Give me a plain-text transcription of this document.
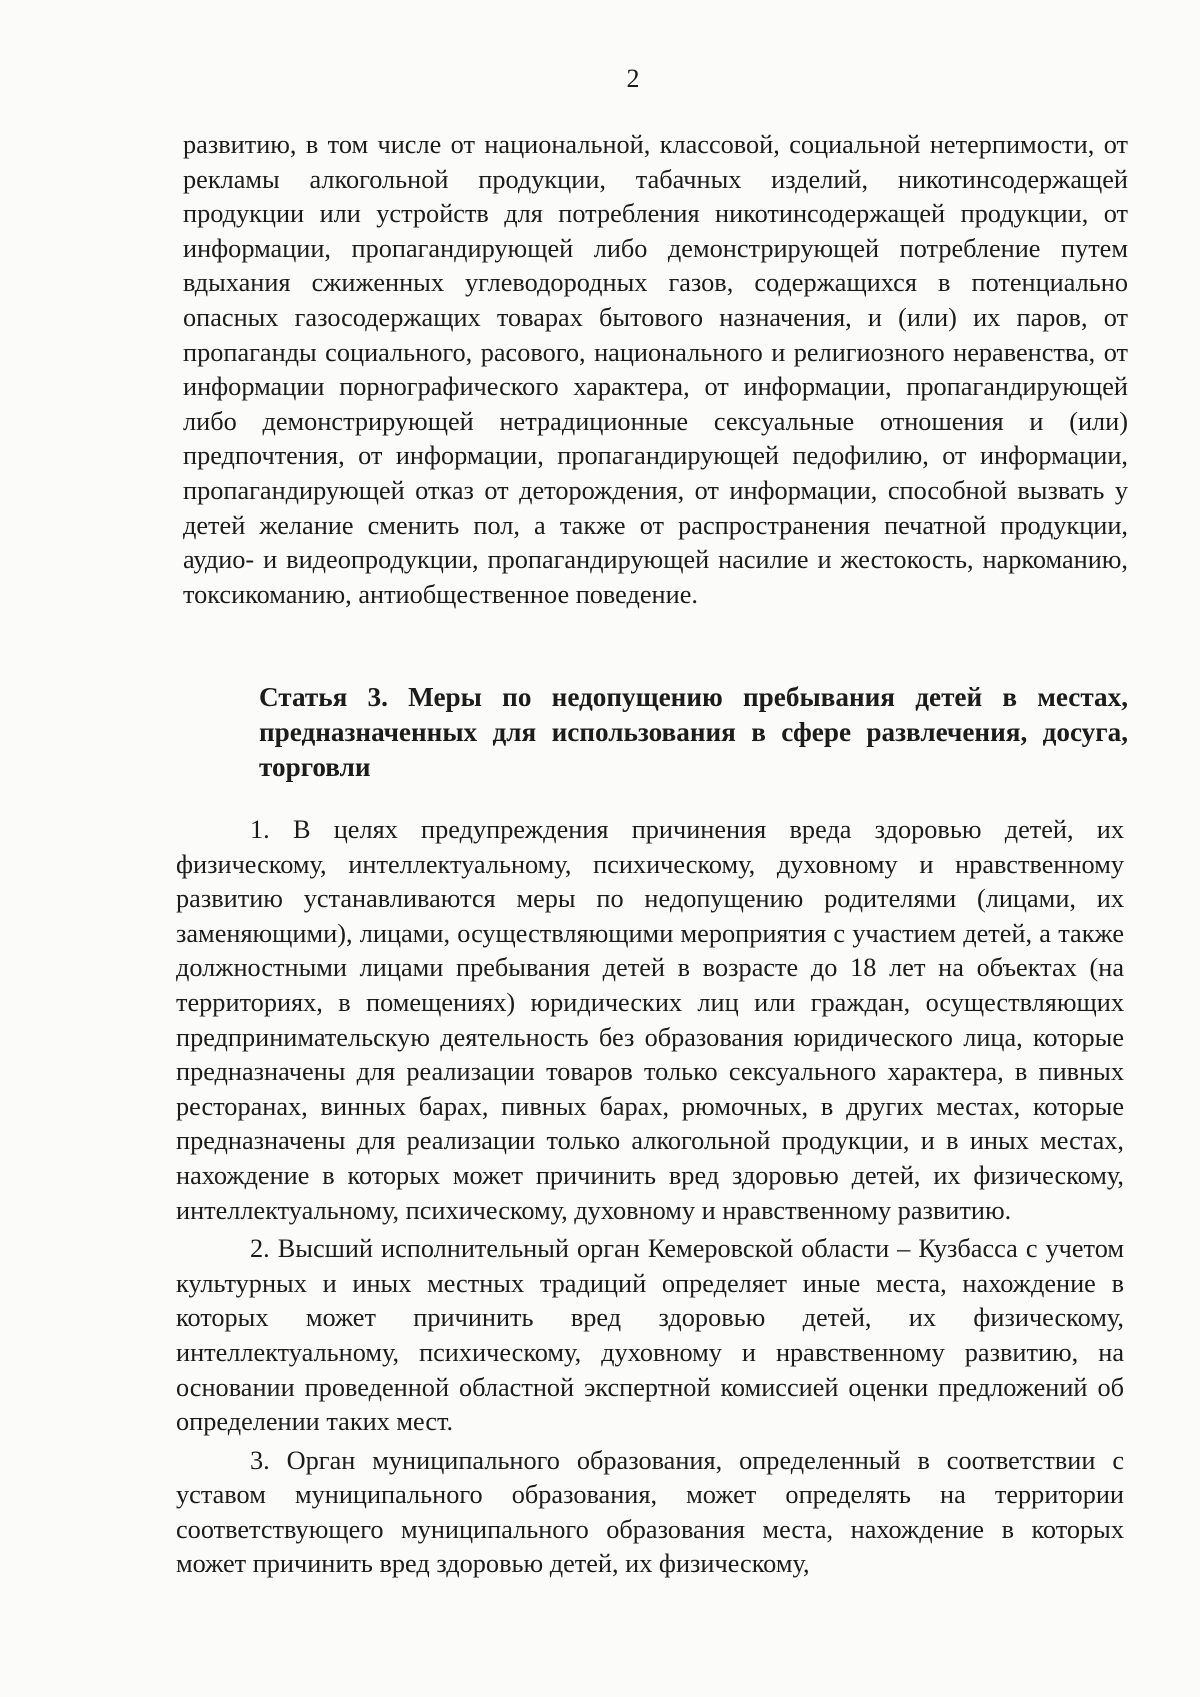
2

развитию, в том числе от национальной, классовой, социальной нетерпимости, от рекламы алкогольной продукции, табачных изделий, никотинсодержащей продукции или устройств для потребления никотинсодержащей продукции, от информации, пропагандирующей либо демонстрирующей потребление путем вдыхания сжиженных углеводородных газов, содержащихся в потенциально опасных газосодержащих товарах бытового назначения, и (или) их паров, от пропаганды социального, расового, национального и религиозного неравенства, от информации порнографического характера, от информации, пропагандирующей либо демонстрирующей нетрадиционные сексуальные отношения и (или) предпочтения, от информации, пропагандирующей педофилию, от информации, пропагандирующей отказ от деторождения, от информации, способной вызвать у детей желание сменить пол, а также от распространения печатной продукции, аудио- и видеопродукции, пропагандирующей насилие и жестокость, наркоманию, токсикоманию, антиобщественное поведение.

Статья 3. Меры по недопущению пребывания детей в местах, предназначенных для использования в сфере развлечения, досуга, торговли

1. В целях предупреждения причинения вреда здоровью детей, их физическому, интеллектуальному, психическому, духовному и нравственному развитию устанавливаются меры по недопущению родителями (лицами, их заменяющими), лицами, осуществляющими мероприятия с участием детей, а также должностными лицами пребывания детей в возрасте до 18 лет на объектах (на территориях, в помещениях) юридических лиц или граждан, осуществляющих предпринимательскую деятельность без образования юридического лица, которые предназначены для реализации товаров только сексуального характера, в пивных ресторанах, винных барах, пивных барах, рюмочных, в других местах, которые предназначены для реализации только алкогольной продукции, и в иных местах, нахождение в которых может причинить вред здоровью детей, их физическому, интеллектуальному, психическому, духовному и нравственному развитию.

2. Высший исполнительный орган Кемеровской области – Кузбасса с учетом культурных и иных местных традиций определяет иные места, нахождение в которых может причинить вред здоровью детей, их физическому, интеллектуальному, психическому, духовному и нравственному развитию, на основании проведенной областной экспертной комиссией оценки предложений об определении таких мест.

3. Орган муниципального образования, определенный в соответствии с уставом муниципального образования, может определять на территории соответствующего муниципального образования места, нахождение в которых может причинить вред здоровью детей, их физическому,
